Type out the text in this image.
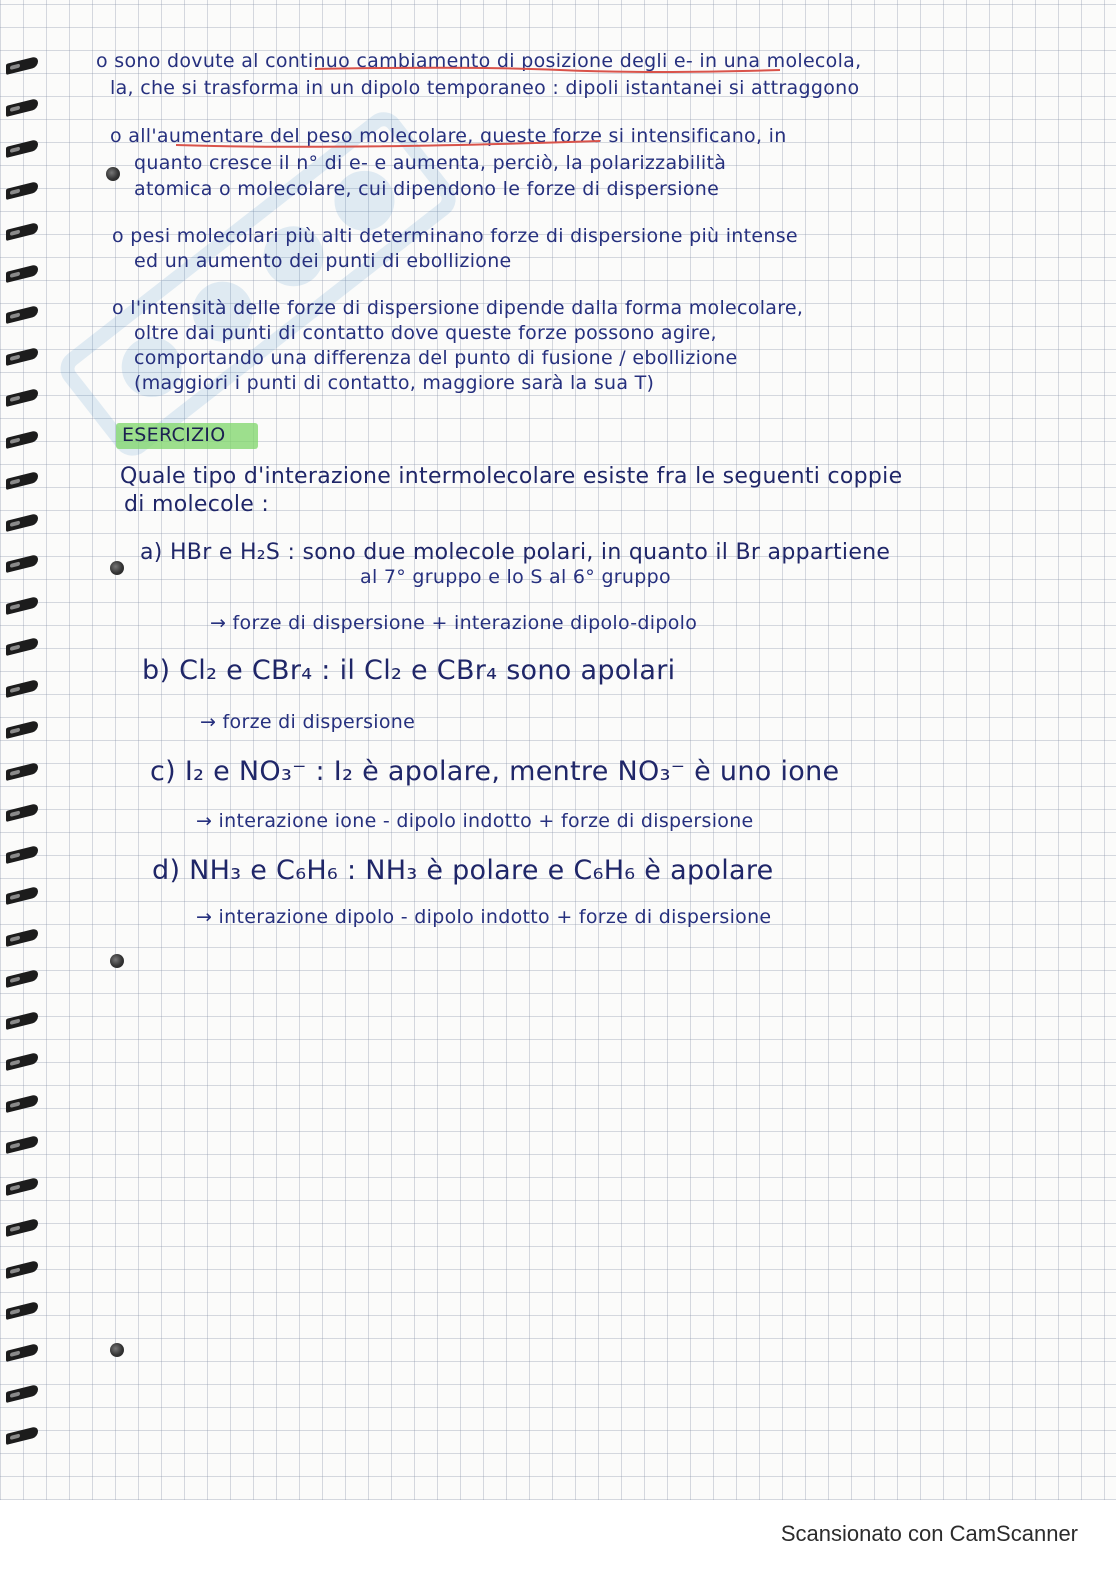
o sono dovute al continuo cambiamento di posizione degli e- in una molecola,
la, che si trasforma in un dipolo temporaneo : dipoli istantanei si attraggono
o all'aumentare del peso molecolare, queste forze si intensificano, in
quanto cresce il n° di e- e aumenta, perciò, la polarizzabilità
atomica o molecolare, cui dipendono le forze di dispersione
o pesi molecolari più alti determinano forze di dispersione più intense
ed un aumento dei punti di ebollizione
o l'intensità delle forze di dispersione dipende dalla forma molecolare,
oltre dai punti di contatto dove queste forze possono agire,
comportando una differenza del punto di fusione / ebollizione
(maggiori i punti di contatto, maggiore sarà la sua T)
ESERCIZIO
Quale tipo d'interazione intermolecolare esiste fra le seguenti coppie
di molecole :
a) HBr e H₂S : sono due molecole polari, in quanto il Br appartiene
al 7° gruppo e lo S al 6° gruppo
→ forze di dispersione + interazione dipolo-dipolo
b) Cl₂ e CBr₄ : il Cl₂ e CBr₄ sono apolari
→ forze di dispersione
c) I₂ e NO₃⁻ : I₂ è apolare, mentre NO₃⁻ è uno ione
→ interazione ione - dipolo indotto + forze di dispersione
d) NH₃ e C₆H₆ : NH₃ è polare e C₆H₆ è apolare
→ interazione dipolo - dipolo indotto + forze di dispersione
Scansionato con CamScanner
